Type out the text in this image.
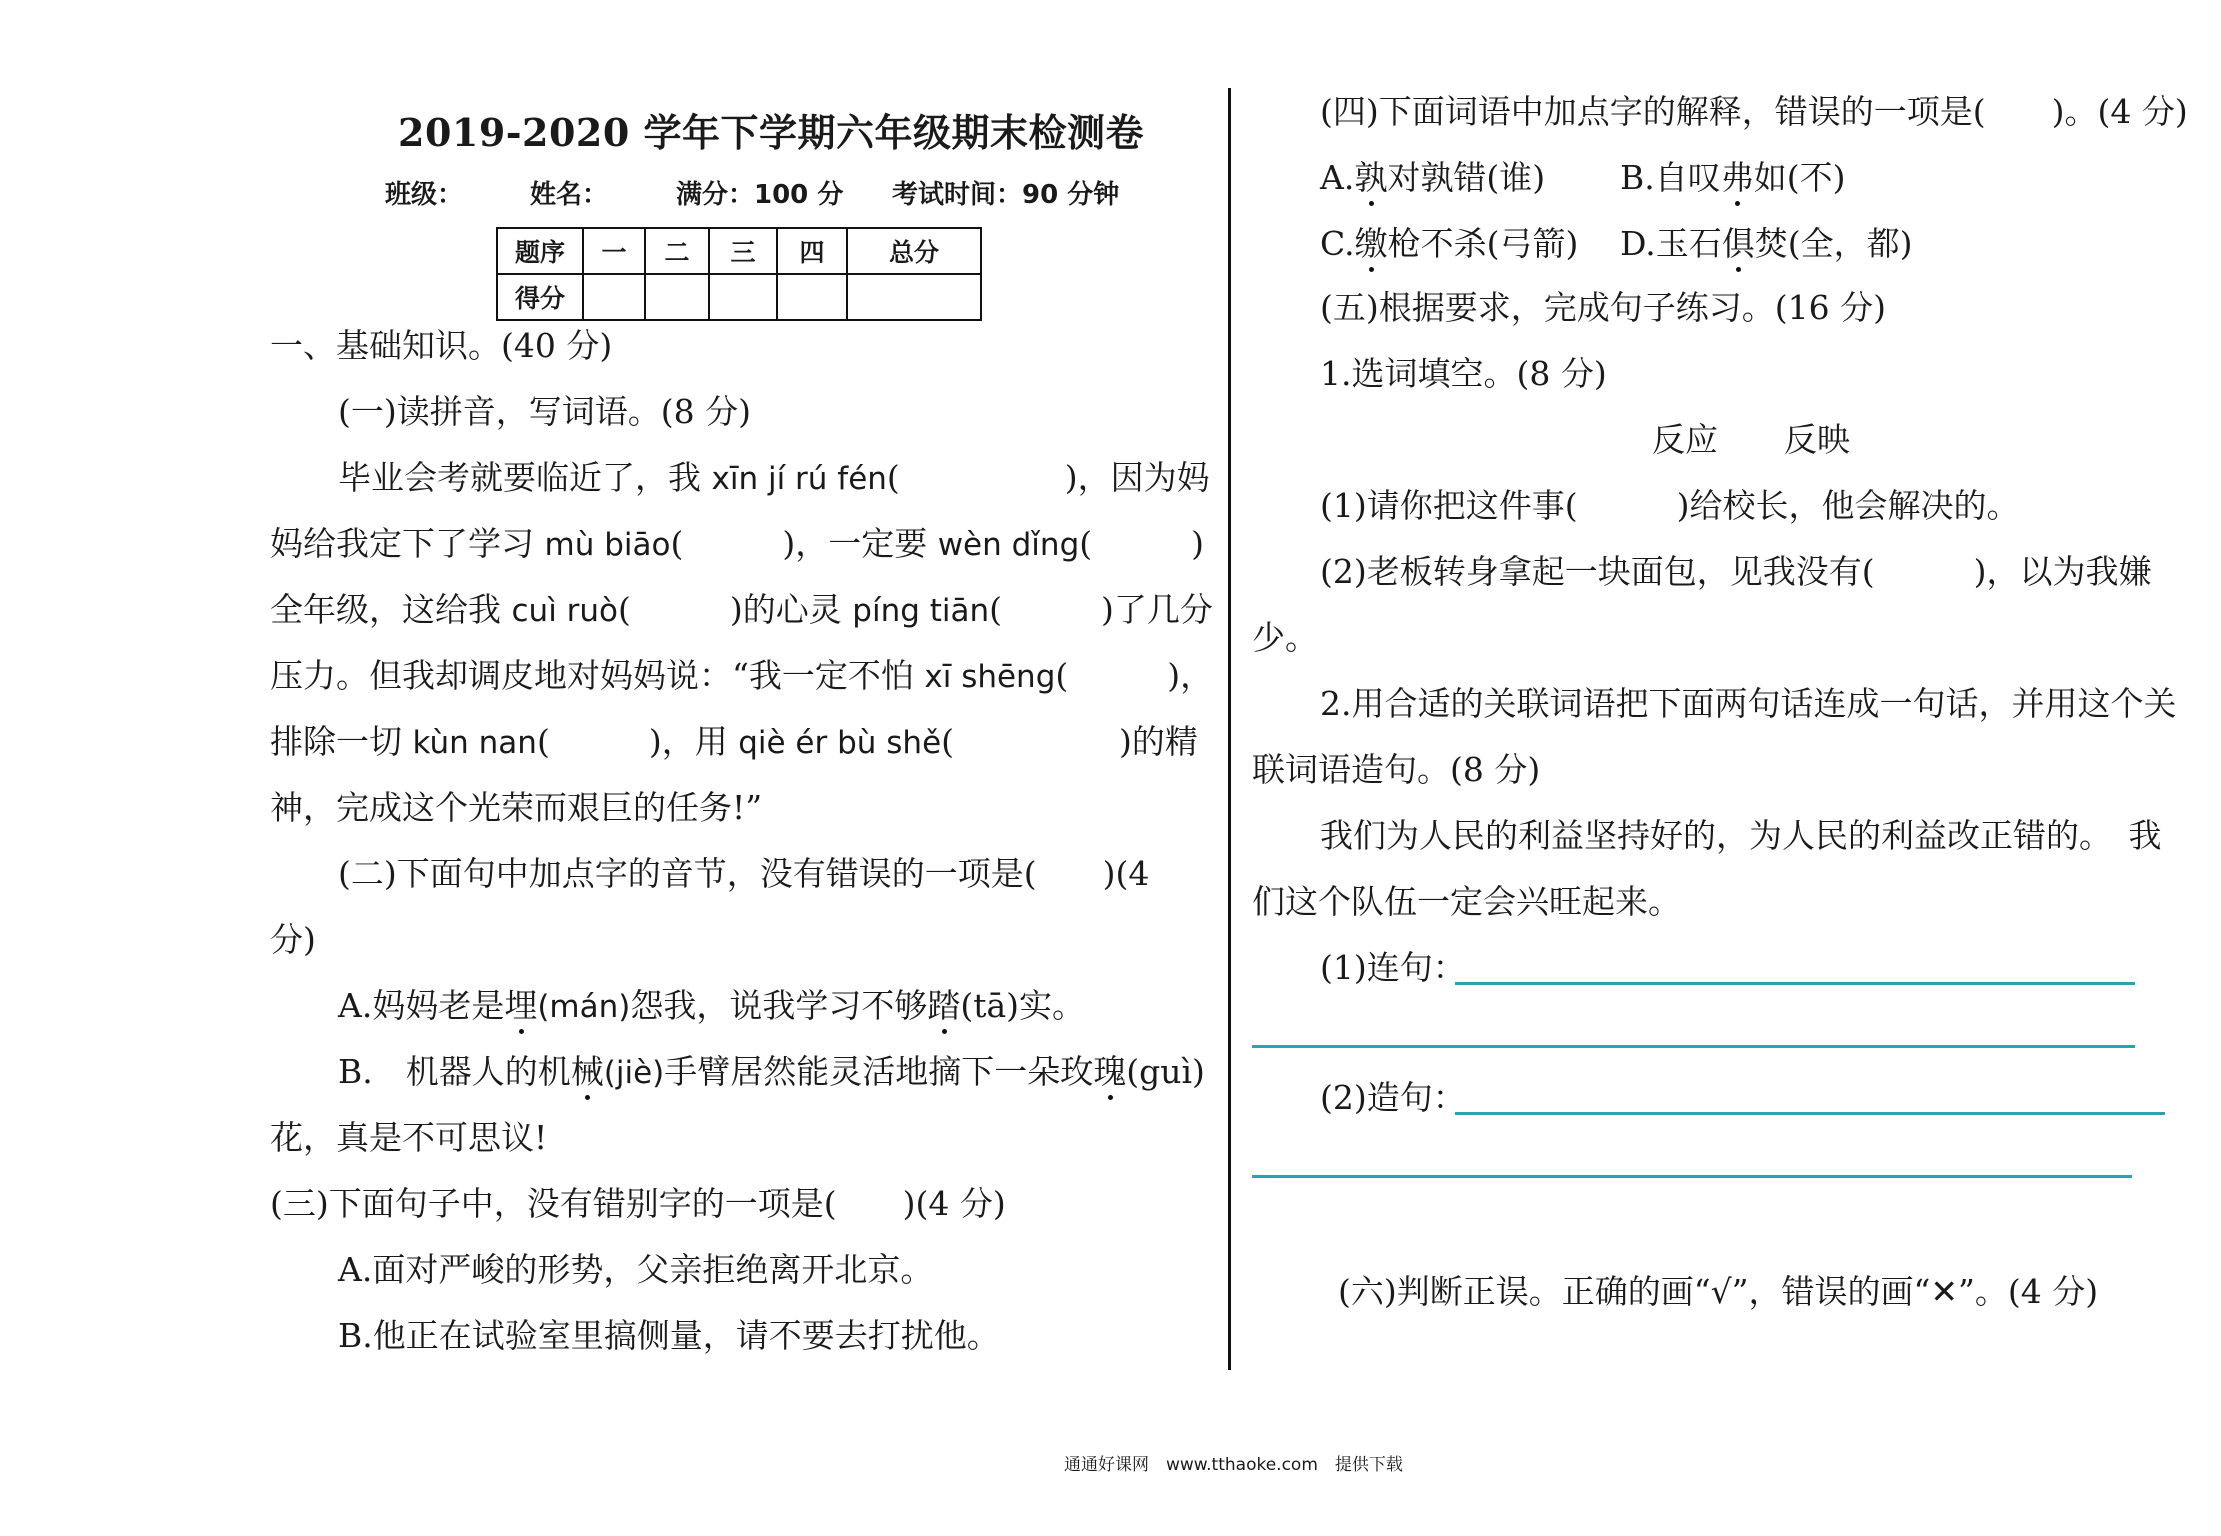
2019-2020 学年下学期六年级期末检测卷
班级：	姓名：	满分：100 分 考试时间：90 分钟
题序	一	二	三	四	总分
得分					
一、基础知识。(40 分)
(一)读拼音，写词语。(8 分)
毕业会考就要临近了，我 xīn jí rú fén(　　　　　)，因为妈
妈给我定下了学习 mù biāo(　　　)，一定要 wèn dǐng(　　　)
全年级，这给我 cuì ruò(　　　)的心灵 píng tiān(　　　)了几分
压力。但我却调皮地对妈妈说：“我一定不怕 xī shēng(　　　)，
排除一切 kùn nan(　　　)，用 qiè ér bù shě(　　　　　)的精
神，完成这个光荣而艰巨的任务!”
(二)下面句中加点字的音节，没有错误的一项是(　　)(4
分)
A.妈妈老是埋(mán)怨我，说我学习不够踏(tā)实。
B.　机器人的机械(jiè)手臂居然能灵活地摘下一朵玫瑰(guì)
花，真是不可思议!
(三)下面句子中，没有错别字的一项是(　　)(4 分)
A.面对严峻的形势，父亲拒绝离开北京。
B.他正在试验室里搞侧量，请不要去打扰他。
(四)下面词语中加点字的解释，错误的一项是(　　)。(4 分)
A.孰对孰错(谁) B.自叹弗如(不)
C.缴枪不杀(弓箭) D.玉石俱焚(全，都)
(五)根据要求，完成句子练习。(16 分)
1.选词填空。(8 分)
反应　　反映
(1)请你把这件事(　　　)给校长，他会解决的。
(2)老板转身拿起一块面包，见我没有(　　　)，以为我嫌
少。
2.用合适的关联词语把下面两句话连成一句话，并用这个关
联词语造句。(8 分)
我们为人民的利益坚持好的，为人民的利益改正错的。　我
们这个队伍一定会兴旺起来。
(1)连句：
(2)造句：
(六)判断正误。正确的画“√”，错误的画“✕”。(4 分)
通通好课网　www.tthaoke.com　提供下载
